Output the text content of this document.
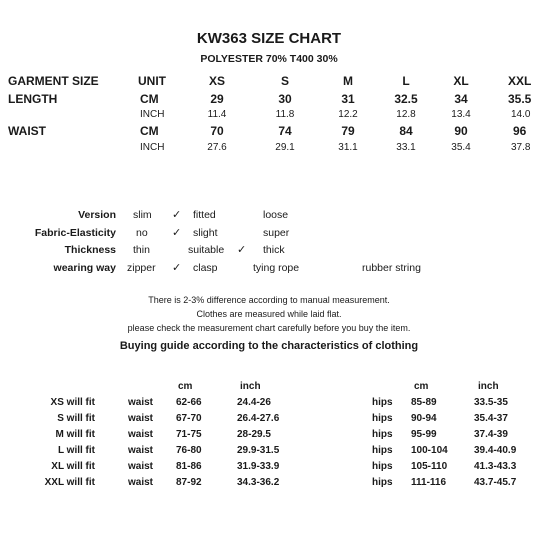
KW363 SIZE CHART
POLYESTER 70% T400 30%
GARMENT SIZE	UNIT	XS	S	M	L	XL	XXL
LENGTH	CM	29	30	31	32.5	34	35.5
INCH	11.4	11.8	12.2	12.8	13.4	14.0
WAIST	CM	70	74	79	84	90	96
INCH	27.6	29.1	31.1	33.1	35.4	37.8
Version slim ✓ fitted	loose
Fabric-Elasticity no ✓ slight	super
Thickness thin	suitable ✓ thick
wearing way zipper ✓ clasp	tying rope	rubber string
There is 2-3% difference according to manual measurement.
Clothes are measured while laid flat.
please check the measurement chart carefully before you buy the item.
Buying guide according to the characteristics of clothing
cm	inch	cm	inch
XS will fit	waist 62-66	24.4-26	hips 85-89	33.5-35
S will fit	waist 67-70	26.4-27.6	hips 90-94	35.4-37
M will fit	waist 71-75	28-29.5	hips 95-99	37.4-39
L will fit	waist 76-80	29.9-31.5	hips 100-104	39.4-40.9
XL will fit	waist 81-86	31.9-33.9	hips 105-110	41.3-43.3
XXL will fit	waist 87-92	34.3-36.2	hips 111-116	43.7-45.7
